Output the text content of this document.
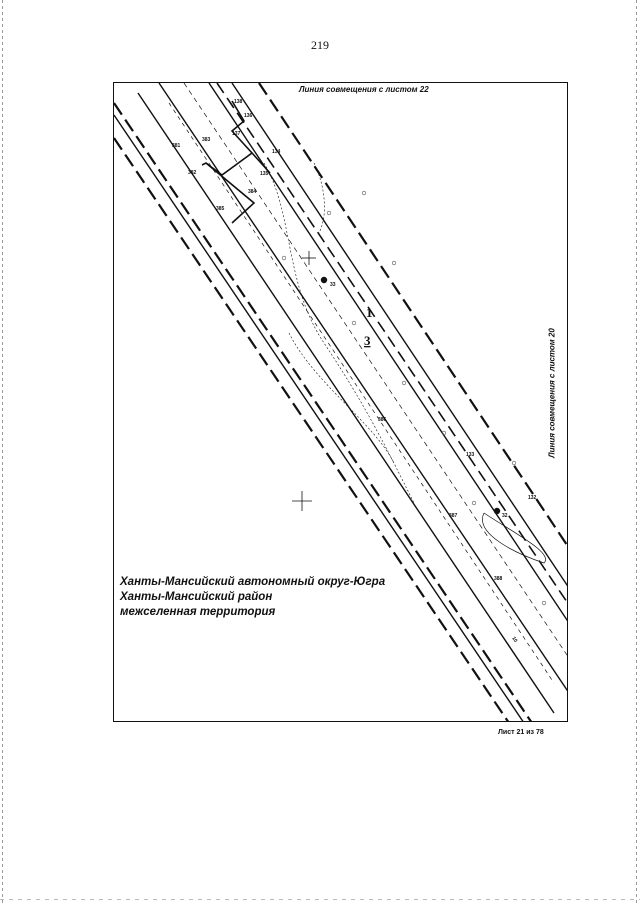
219
138
136
137
381
383
382
384
385
135
134
33
386
133
132
387	32
388
10
1
3
Линия совмещения с листом 22
Линия совмещения с листом 20
Ханты-Мансийский автономный округ-Югра
Ханты-Мансийский район
межселенная территория
Лист 21 из 78
